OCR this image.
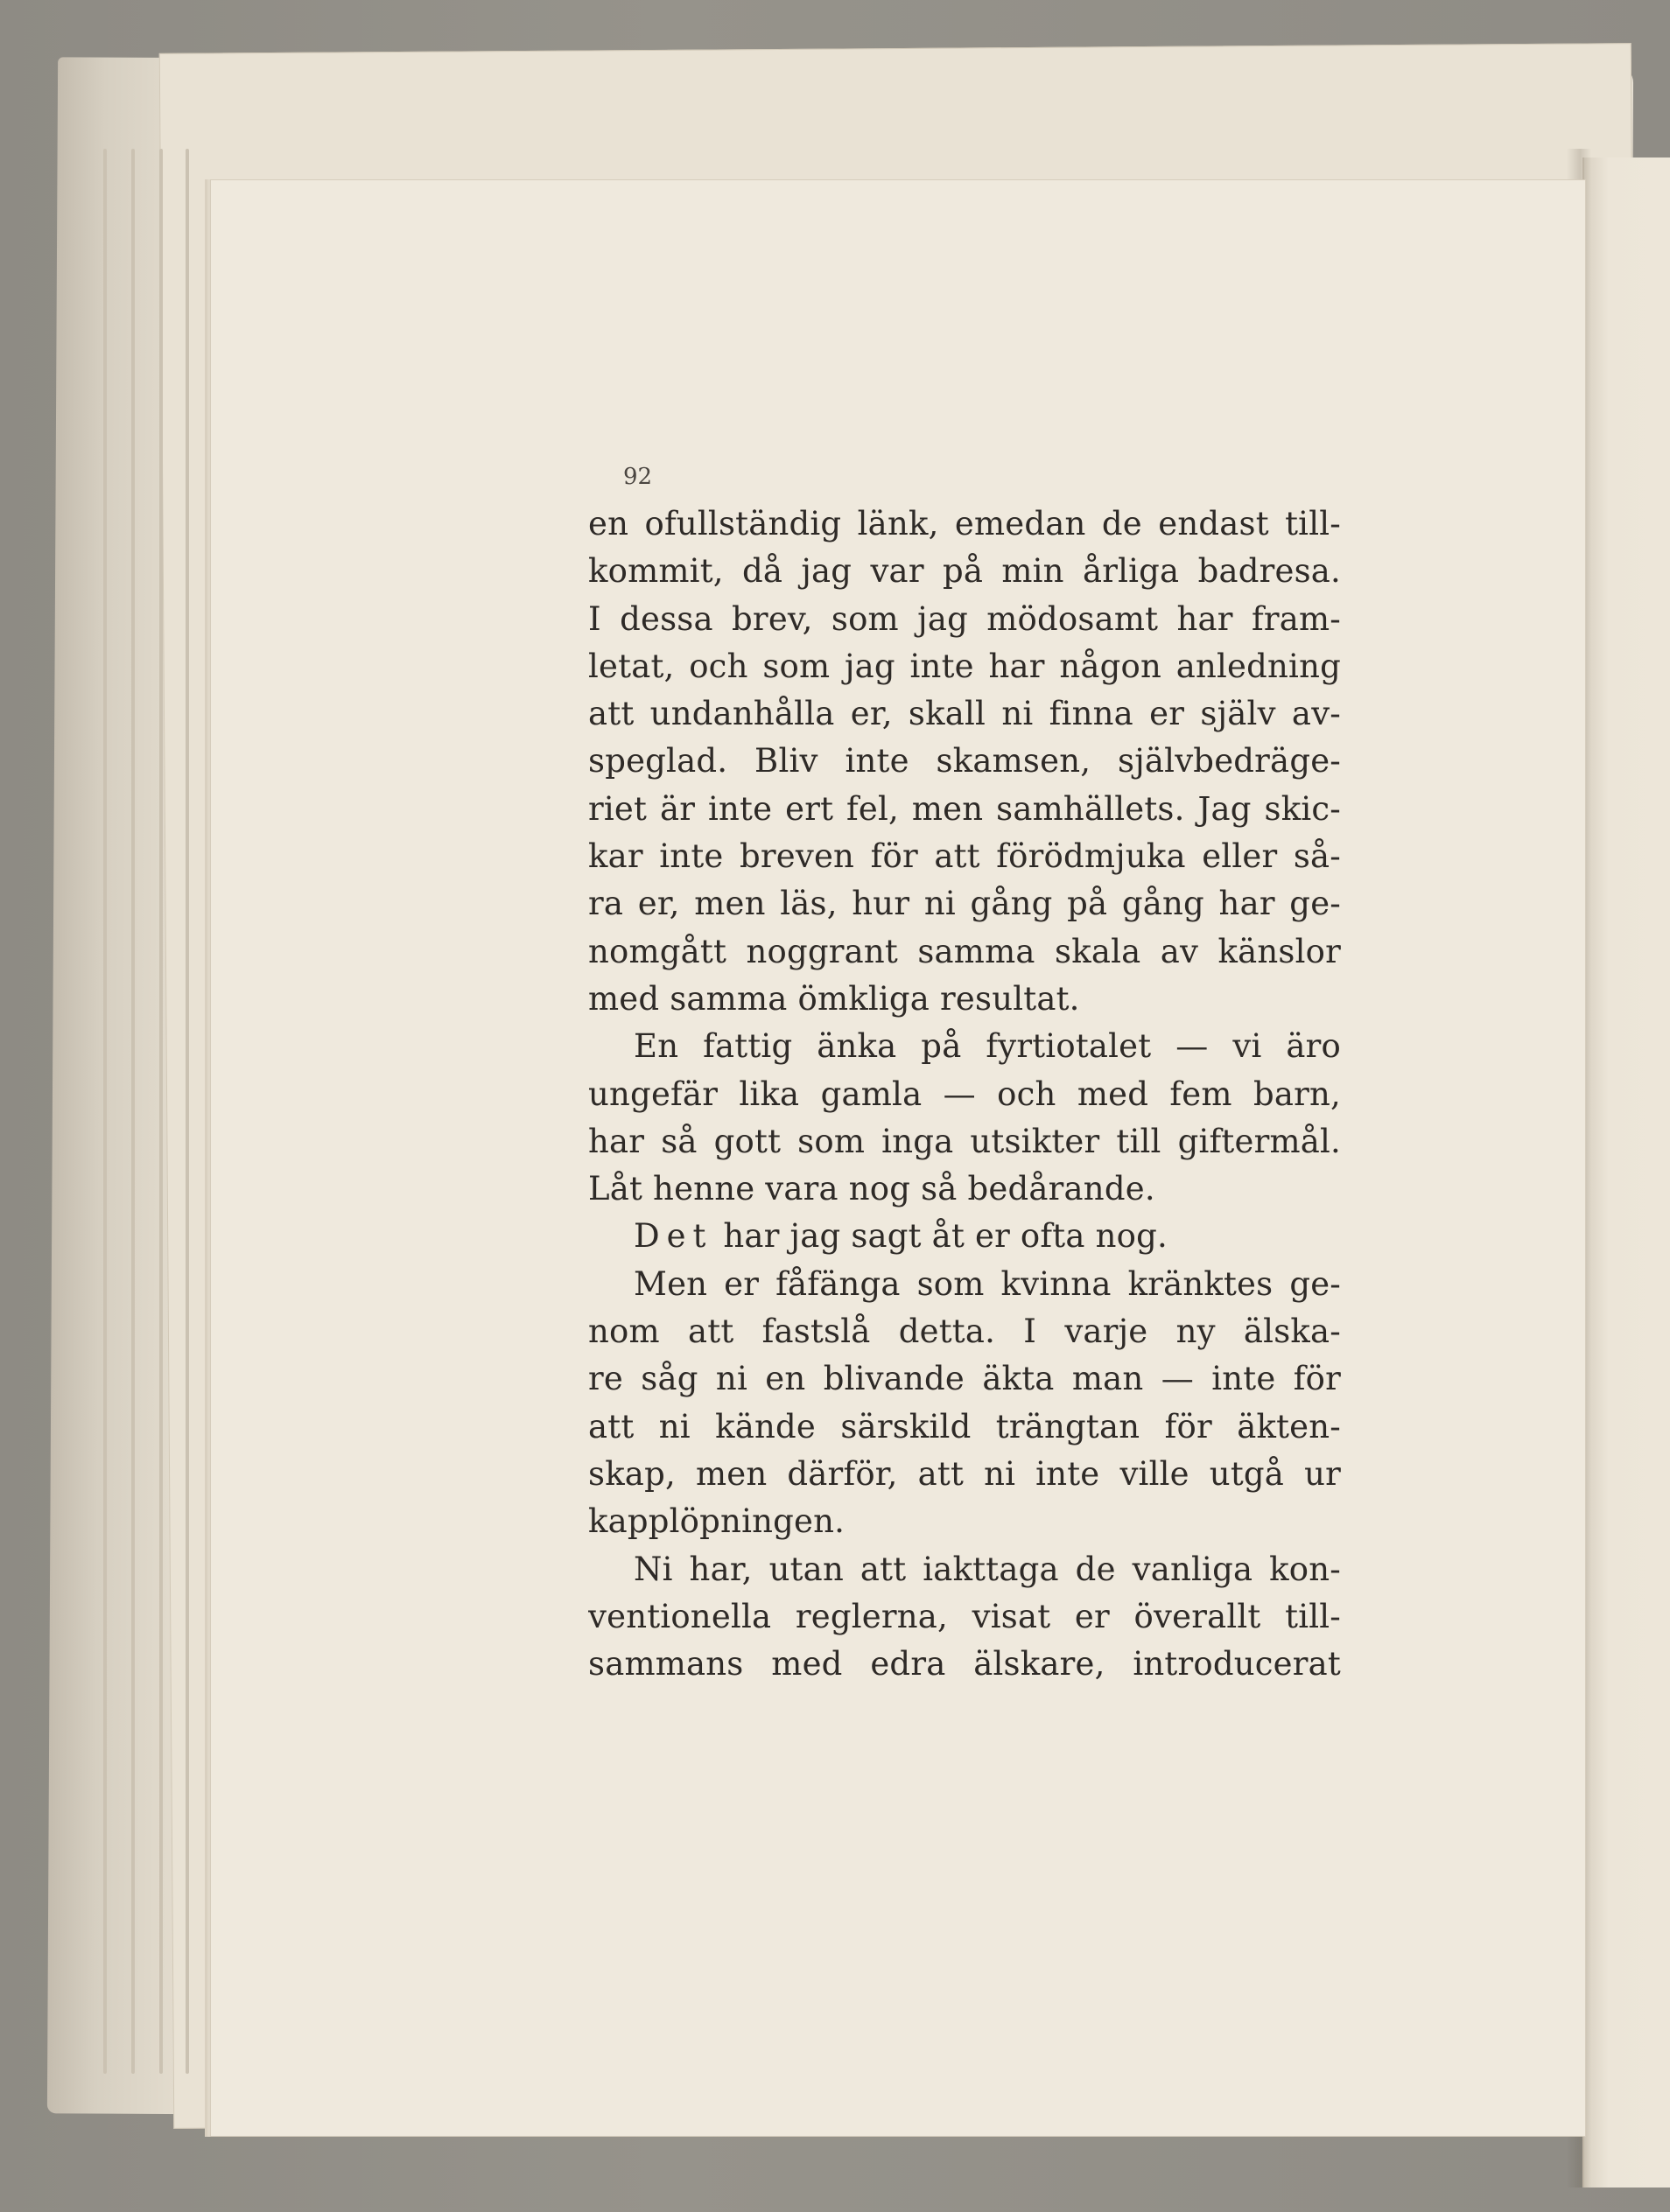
92

en ofullständig länk, emedan de endast till-
kommit, då jag var på min årliga badresa.
I dessa brev, som jag mödosamt har fram-
letat, och som jag inte har någon anledning
att undanhålla er, skall ni finna er själv av-
speglad. Bliv inte skamsen, självbedräge-
riet är inte ert fel, men samhällets. Jag skic-
kar inte breven för att förödmjuka eller så-
ra er, men läs, hur ni gång på gång har ge-
nomgått noggrant samma skala av känslor
med samma ömkliga resultat.
En fattig änka på fyrtiotalet — vi äro
ungefär lika gamla — och med fem barn,
har så gott som inga utsikter till giftermål.
Låt henne vara nog så bedårande.
Det har jag sagt åt er ofta nog.
Men er fåfänga som kvinna kränktes ge-
nom att fastslå detta. I varje ny älska-
re såg ni en blivande äkta man — inte för
att ni kände särskild trängtan för äkten-
skap, men därför, att ni inte ville utgå ur
kapplöpningen.
Ni har, utan att iakttaga de vanliga kon-
ventionella reglerna, visat er överallt till-
sammans med edra älskare, introducerat
